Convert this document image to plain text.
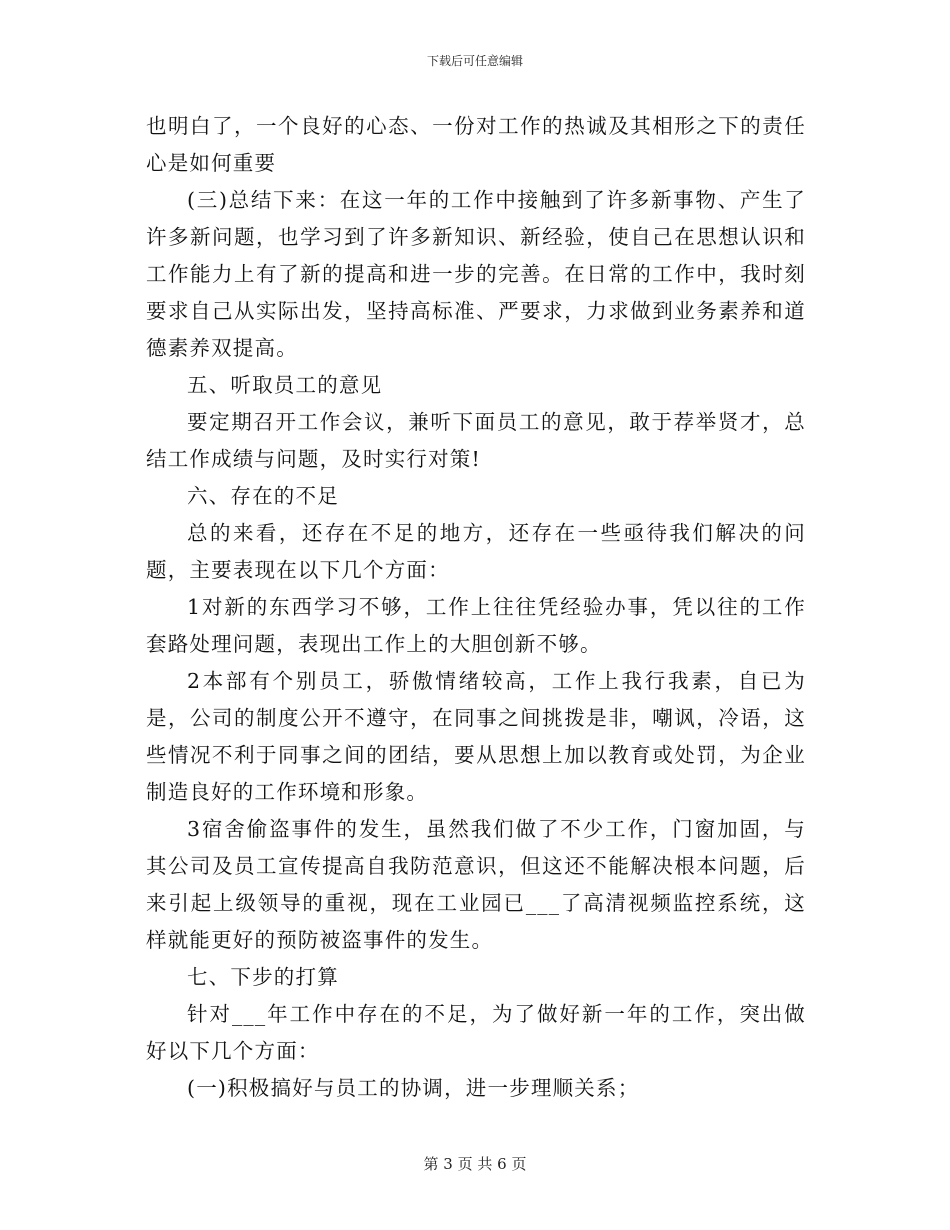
下载后可任意编辑

也明白了，一个良好的心态、一份对工作的热诚及其相形之下的责任心是如何重要

(三)总结下来：在这一年的工作中接触到了许多新事物、产生了许多新问题，也学习到了许多新知识、新经验，使自己在思想认识和工作能力上有了新的提高和进一步的完善。在日常的工作中，我时刻要求自己从实际出发，坚持高标准、严要求，力求做到业务素养和道德素养双提高。

五、听取员工的意见

要定期召开工作会议，兼听下面员工的意见，敢于荐举贤才，总结工作成绩与问题，及时实行对策!

六、存在的不足

总的来看，还存在不足的地方，还存在一些亟待我们解决的问题，主要表现在以下几个方面：

1对新的东西学习不够，工作上往往凭经验办事，凭以往的工作套路处理问题，表现出工作上的大胆创新不够。

2本部有个别员工，骄傲情绪较高，工作上我行我素，自已为是，公司的制度公开不遵守，在同事之间挑拨是非，嘲讽，冷语，这些情况不利于同事之间的团结，要从思想上加以教育或处罚，为企业制造良好的工作环境和形象。

3宿舍偷盗事件的发生，虽然我们做了不少工作，门窗加固，与其公司及员工宣传提高自我防范意识，但这还不能解决根本问题，后来引起上级领导的重视，现在工业园已___了高清视频监控系统，这样就能更好的预防被盗事件的发生。

七、下步的打算

针对___年工作中存在的不足，为了做好新一年的工作，突出做好以下几个方面：

(一)积极搞好与员工的协调，进一步理顺关系；

第 3 页 共 6 页
